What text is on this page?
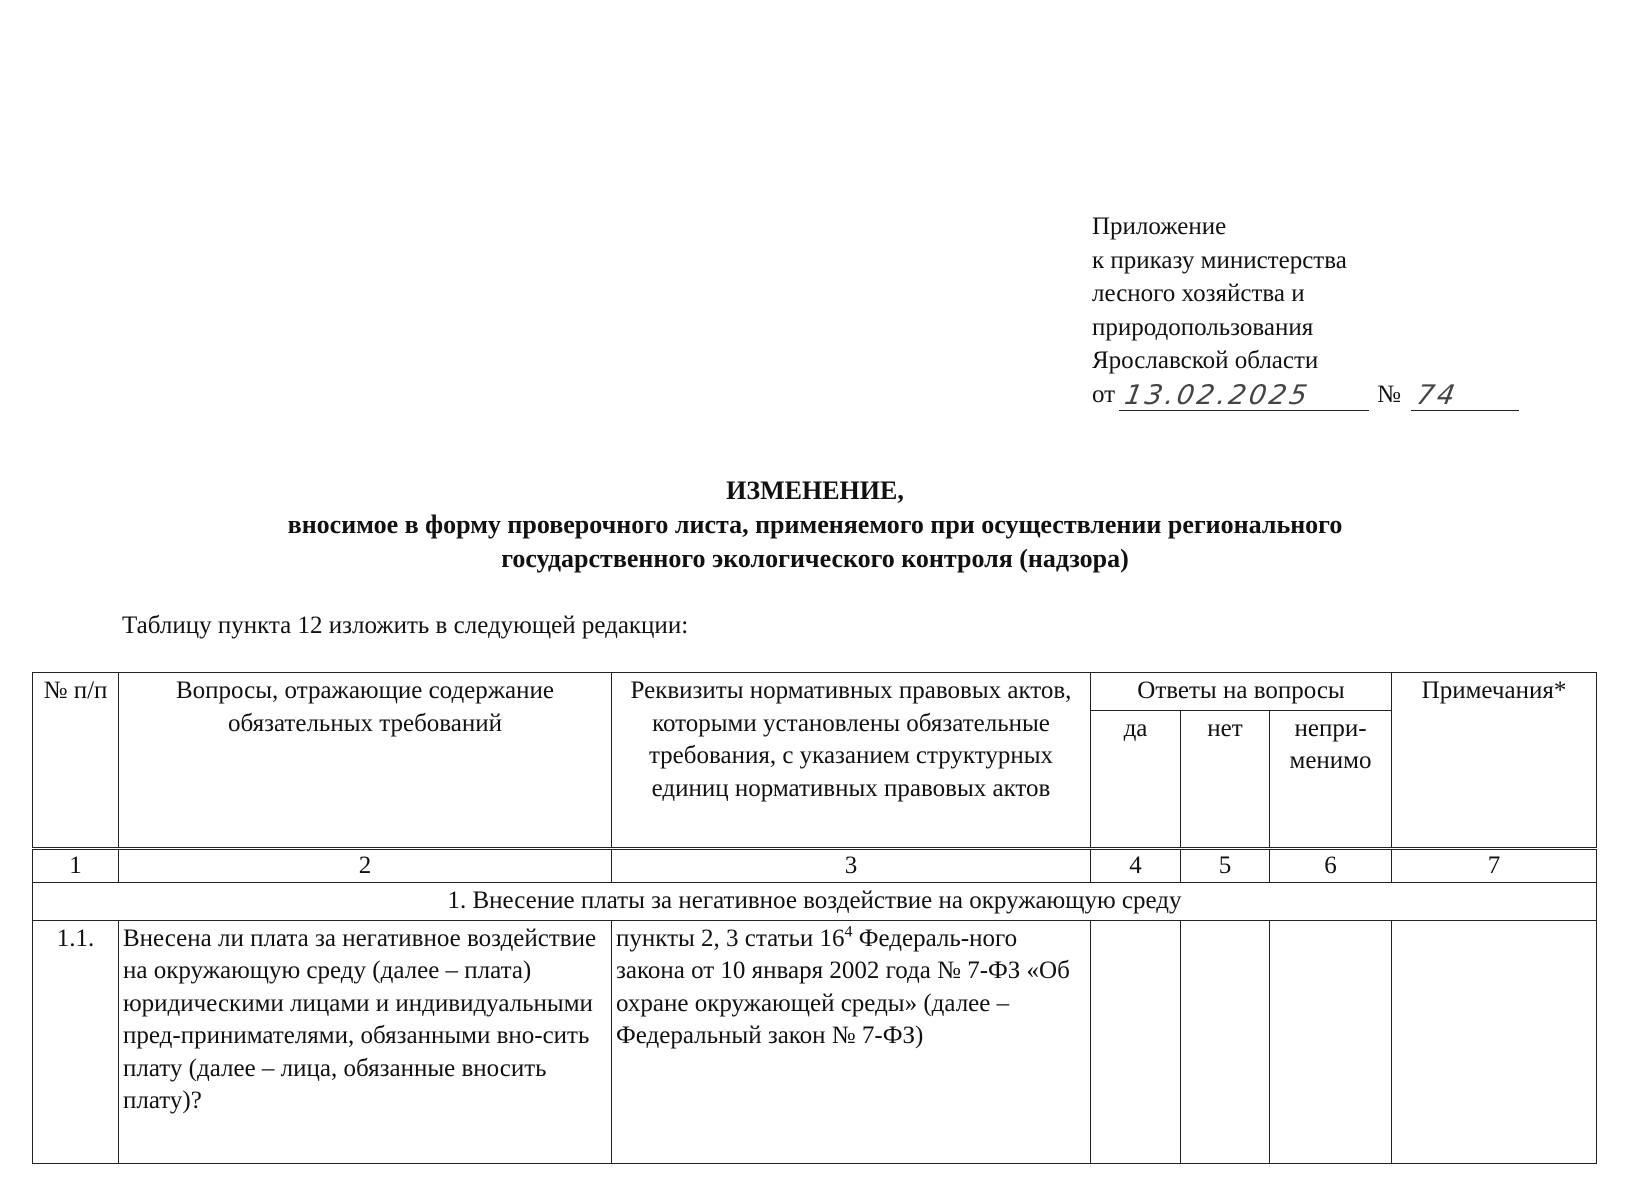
Приложение
к приказу министерства
лесного хозяйства и
природопользования
Ярославской области
от 13.02.2025	№ 74
ИЗМЕНЕНИЕ,
вносимое в форму проверочного листа, применяемого при осуществлении регионального
государственного экологического контроля (надзора)
Таблицу пункта 12 изложить в следующей редакции:
№ п/п	Вопросы, отражающие содержание обязательных требований	Реквизиты нормативных правовых актов, которыми установлены обязательные требования, с указанием структурных единиц нормативных правовых актов	Ответы на вопросы			Примечания*
			да	нет	непри-менимо	
1	2	3	4	5	6	7
1. Внесение платы за негативное воздействие на окружающую среду						
1.1.	Внесена ли плата за негативное воздействие на окружающую среду (далее – плата) юридическими лицами и индивидуальными пред-принимателями, обязанными вно-сить плату (далее – лица, обязанные вносить плату)?	пункты 2, 3 статьи $16^4$ Федераль-ного закона от 10 января 2002 года № 7-ФЗ «Об охране окружающей среды» (далее – Федеральный закон № 7-ФЗ)				
